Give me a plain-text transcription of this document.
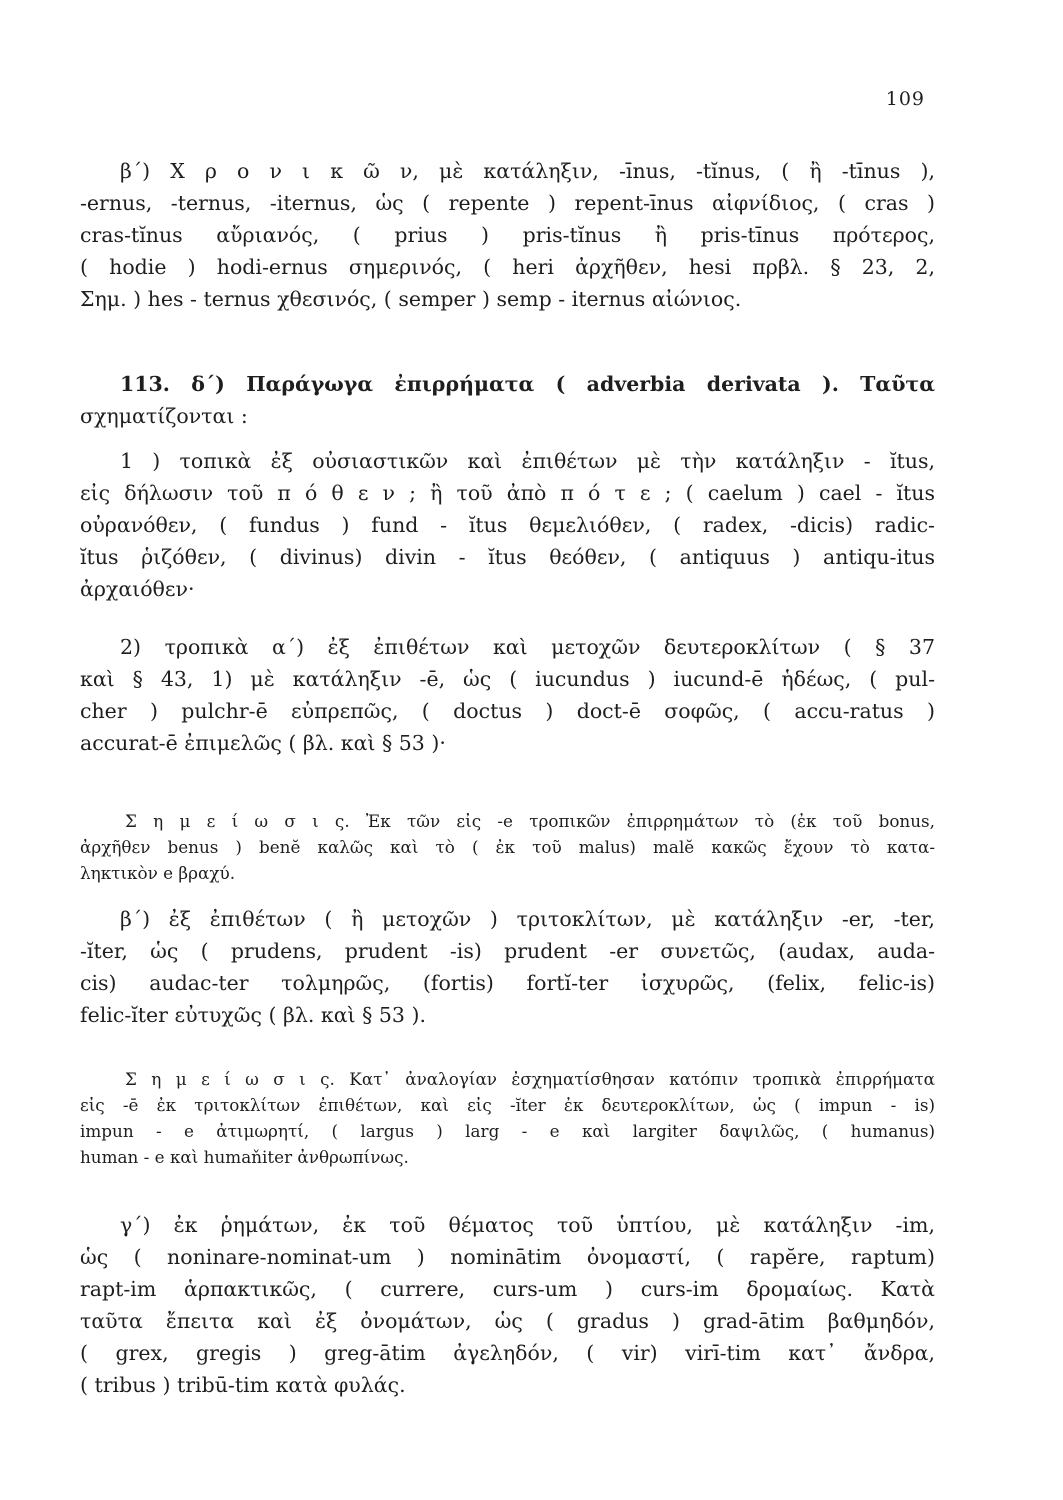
109
β΄) Χ ρ ο ν ι κ ῶ ν, μὲ κατάληξιν, -īnus, -tĭnus, ( ἢ -tīnus ),
-ernus, -ternus, -iternus, ὡς ( repente ) repent-īnus αἰφνίδιος, ( cras )
cras-tĭnus αὔριανός, ( prius ) pris-tĭnus ἢ pris-tīnus πρότερος,
( hodie ) hodi-ernus σημερινός, ( heri ἀρχῆθεν, hesi πρβλ. § 23, 2,
Σημ. ) hes - ternus χθεσινός, ( semper ) semp - iternus αἰώνιος.
113. δ΄) Παράγωγα ἐπιρρήματα ( adverbia derivata ). Ταῦτα
σχηματίζονται :
1 ) τοπικὰ ἐξ οὐσιαστικῶν καὶ ἐπιθέτων μὲ τὴν κατάληξιν - ĭtus,
εἰς δήλωσιν τοῦ π ό θ ε ν ; ἢ τοῦ ἀπὸ π ό τ ε ; ( caelum ) cael - ĭtus
οὐρανόθεν, ( fundus ) fund - ĭtus θεμελιόθεν, ( radex, -dicis) radic-
ĭtus ῥιζόθεν, ( divinus) divin - ĭtus θεόθεν, ( antiquus ) antiqu-itus
ἀρχαιόθεν·
2) τροπικὰ α΄) ἐξ ἐπιθέτων καὶ μετοχῶν δευτεροκλίτων ( § 37
καὶ § 43, 1) μὲ κατάληξιν -ē, ὡς ( iucundus ) iucund-ē ἡδέως, ( pul-
cher ) pulchr-ē εὐπρεπῶς, ( doctus ) doct-ē σοφῶς, ( accu-ratus )
accurat-ē ἐπιμελῶς ( βλ. καὶ § 53 )·
Σ η μ ε ί ω σ ι ς. Ἐκ τῶν εἰς -e τροπικῶν ἐπιρρημάτων τὸ (ἐκ τοῦ bonus,
ἀρχῆθεν benus ) benĕ καλῶς καὶ τὸ ( ἐκ τοῦ malus) malĕ κακῶς ἔχουν τὸ κατα-
ληκτικὸν e βραχύ.
β΄) ἐξ ἐπιθέτων ( ἢ μετοχῶν ) τριτοκλίτων, μὲ κατάληξιν -er, -ter,
-ĭter, ὡς ( prudens, prudent -is) prudent -er συνετῶς, (audax, auda-
cis) audac-ter τολμηρῶς, (fortis) fortĭ-ter ἰσχυρῶς, (felix, felic-is)
felic-ĭter εὐτυχῶς ( βλ. καὶ § 53 ).
Σ η μ ε ί ω σ ι ς. Κατ᾽ ἀναλογίαν ἐσχηματίσθησαν κατόπιν τροπικὰ ἐπιρρήματα
εἰς -ē ἐκ τριτοκλίτων ἐπιθέτων, καὶ εἰς -ĭter ἐκ δευτεροκλίτων, ὡς ( impun - is)
impun - e ἀτιμωρητί, ( largus ) larg - e καὶ largiter δαψιλῶς, ( humanus)
human - e καὶ humaňiter ἀνθρωπίνως.
γ΄) ἐκ ῥημάτων, ἐκ τοῦ θέματος τοῦ ὑπτίου, μὲ κατάληξιν -im,
ὡς ( noninare-nominat-um ) nominātim ὀνομαστί, ( rapĕre, raptum)
rapt-im ἁρπακτικῶς, ( currere, curs-um ) curs-im δρομαίως. Κατὰ
ταῦτα ἔπειτα καὶ ἐξ ὀνομάτων, ὡς ( gradus ) grad-ātim βαθμηδόν,
( grex, gregis ) greg-ātim ἀγεληδόν, ( vir) virī-tim κατ᾽ ἄνδρα,
( tribus ) tribū-tim κατὰ φυλάς.
